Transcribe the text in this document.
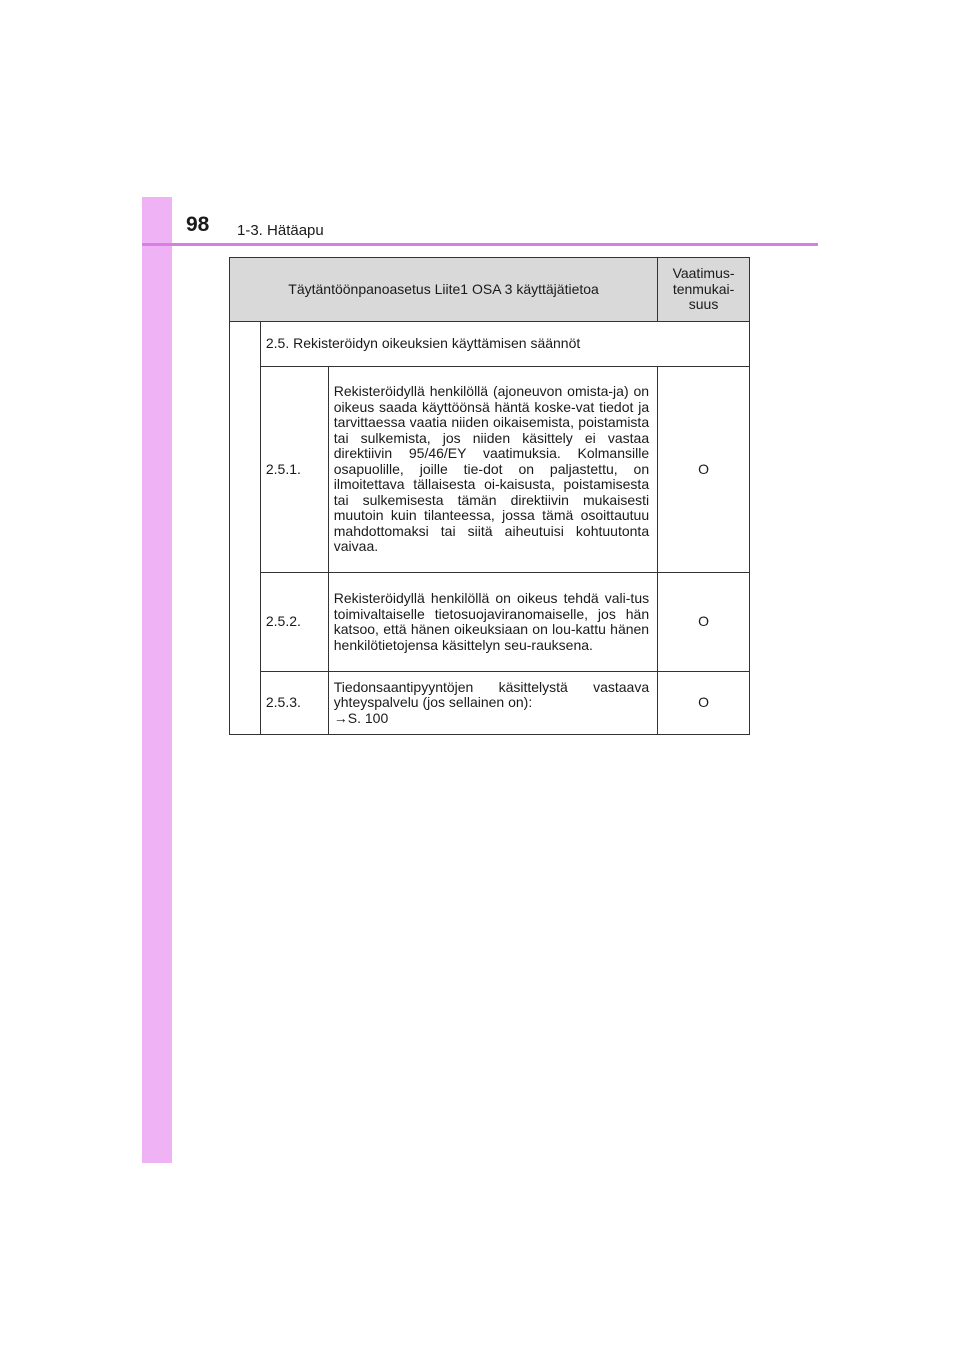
98 1-3. Hätäapu
Täytäntöönpanoasetus Liite1 OSA 3 käyttäjätietoa			Vaatimus-
tenmukai-
suus

	2.5. Rekisteröidyn oikeuksien käyttämisen säännöt		
	2.5.1.	Rekisteröidyllä henkilöllä (ajoneuvon omista-ja) on oikeus saada käyttöönsä häntä koske-vat tiedot ja tarvittaessa vaatia niiden oikaisemista, poistamista tai sulkemista, jos niiden käsittely ei vastaa direktiivin 95/46/EY vaatimuksia. Kolmansille osapuolille, joille tie-dot on paljastettu, on ilmoitettava tällaisesta oi-kaisusta, poistamisesta tai sulkemisesta tämän direktiivin mukaisesti muutoin kuin tilanteessa, jossa tämä osoittautuu mahdottomaksi tai siitä aiheutuisi kohtuutonta vaivaa.	O
	2.5.2.	Rekisteröidyllä henkilöllä on oikeus tehdä vali-tus toimivaltaiselle tietosuojaviranomaiselle, jos hän katsoo, että hänen oikeuksiaan on lou-kattu hänen henkilötietojensa käsittelyn seu-rauksena.	O
	2.5.3.	Tiedonsaantipyyntöjen käsittelystä vastaava yhteyspalvelu (jos sellainen on):
→S. 100	O
